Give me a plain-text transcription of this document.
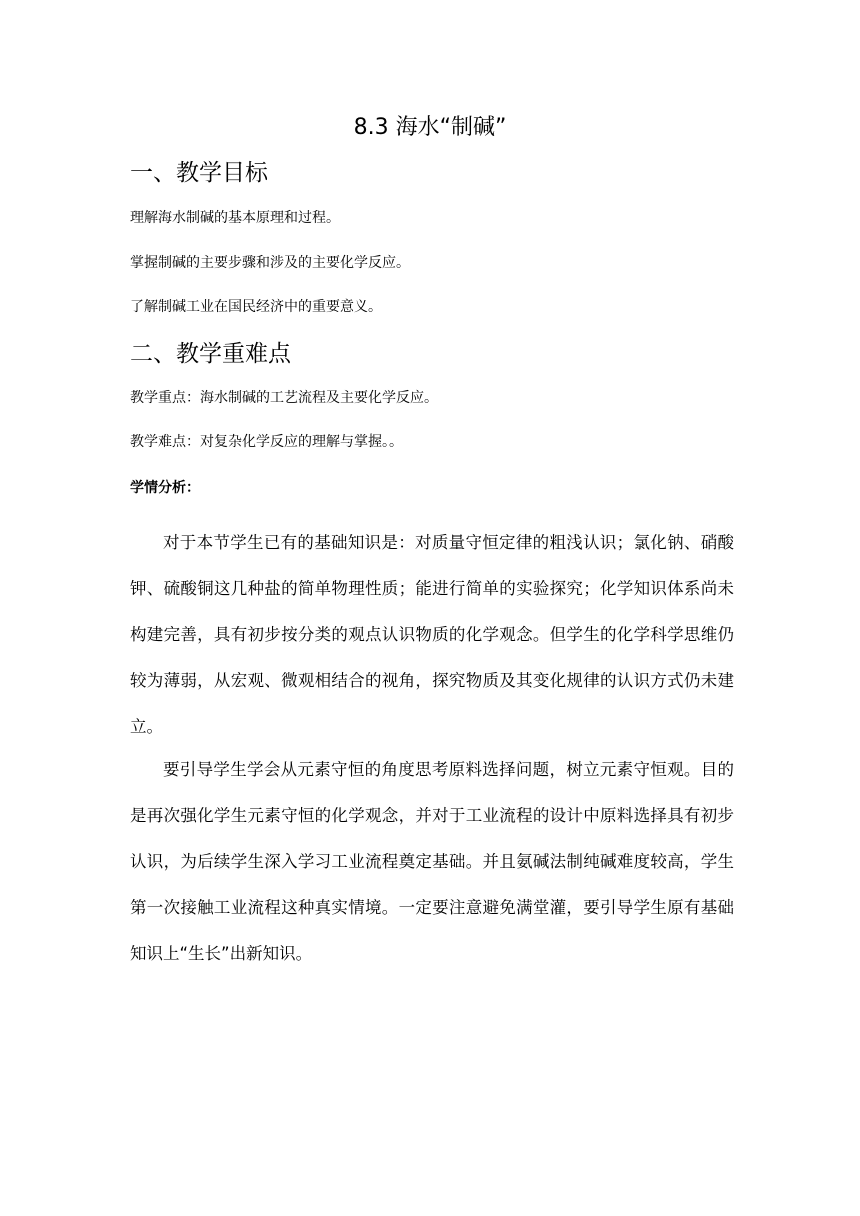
8.3 海水“制碱”
一、教学目标
理解海水制碱的基本原理和过程。
掌握制碱的主要步骤和涉及的主要化学反应。
了解制碱工业在国民经济中的重要意义。
二、教学重难点
教学重点：海水制碱的工艺流程及主要化学反应。
教学难点：对复杂化学反应的理解与掌握。。
学情分析：
对于本节学生已有的基础知识是：对质量守恒定律的粗浅认识；氯化钠、硝酸钾、硫酸铜这几种盐的简单物理性质；能进行简单的实验探究；化学知识体系尚未构建完善，具有初步按分类的观点认识物质的化学观念。但学生的化学科学思维仍较为薄弱，从宏观、微观相结合的视角，探究物质及其变化规律的认识方式仍未建立。
要引导学生学会从元素守恒的角度思考原料选择问题，树立元素守恒观。目的是再次强化学生元素守恒的化学观念，并对于工业流程的设计中原料选择具有初步认识，为后续学生深入学习工业流程奠定基础。并且氨碱法制纯碱难度较高，学生第一次接触工业流程这种真实情境。一定要注意避免满堂灌，要引导学生原有基础知识上“生长”出新知识。
